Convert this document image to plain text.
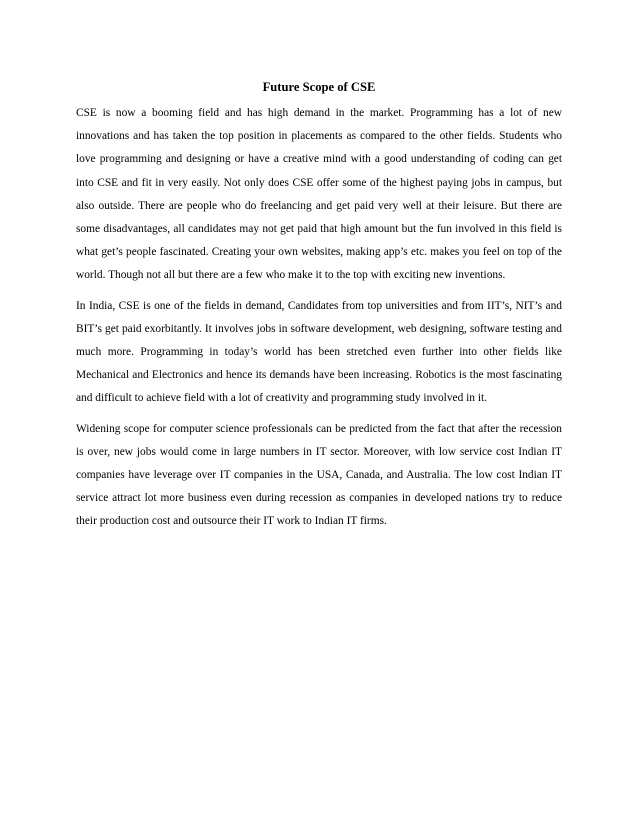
Future Scope of CSE

CSE is now a booming field and has high demand in the market. Programming has a lot of new innovations and has taken the top position in placements as compared to the other fields. Students who love programming and designing or have a creative mind with a good understanding of coding can get into CSE and fit in very easily. Not only does CSE offer some of the highest paying jobs in campus, but also outside. There are people who do freelancing and get paid very well at their leisure. But there are some disadvantages, all candidates may not get paid that high amount but the fun involved in this field is what get’s people fascinated. Creating your own websites, making app’s etc. makes you feel on top of the world. Though not all but there are a few who make it to the top with exciting new inventions.

In India, CSE is one of the fields in demand, Candidates from top universities and from IIT’s, NIT’s and BIT’s get paid exorbitantly. It involves jobs in software development, web designing, software testing and much more. Programming in today’s world has been stretched even further into other fields like Mechanical and Electronics and hence its demands have been increasing. Robotics is the most fascinating and difficult to achieve field with a lot of creativity and programming study involved in it.

Widening scope for computer science professionals can be predicted from the fact that after the recession is over, new jobs would come in large numbers in IT sector. Moreover, with low service cost Indian IT companies have leverage over IT companies in the USA, Canada, and Australia. The low cost Indian IT service attract lot more business even during recession as companies in developed nations try to reduce their production cost and outsource their IT work to Indian IT firms.
